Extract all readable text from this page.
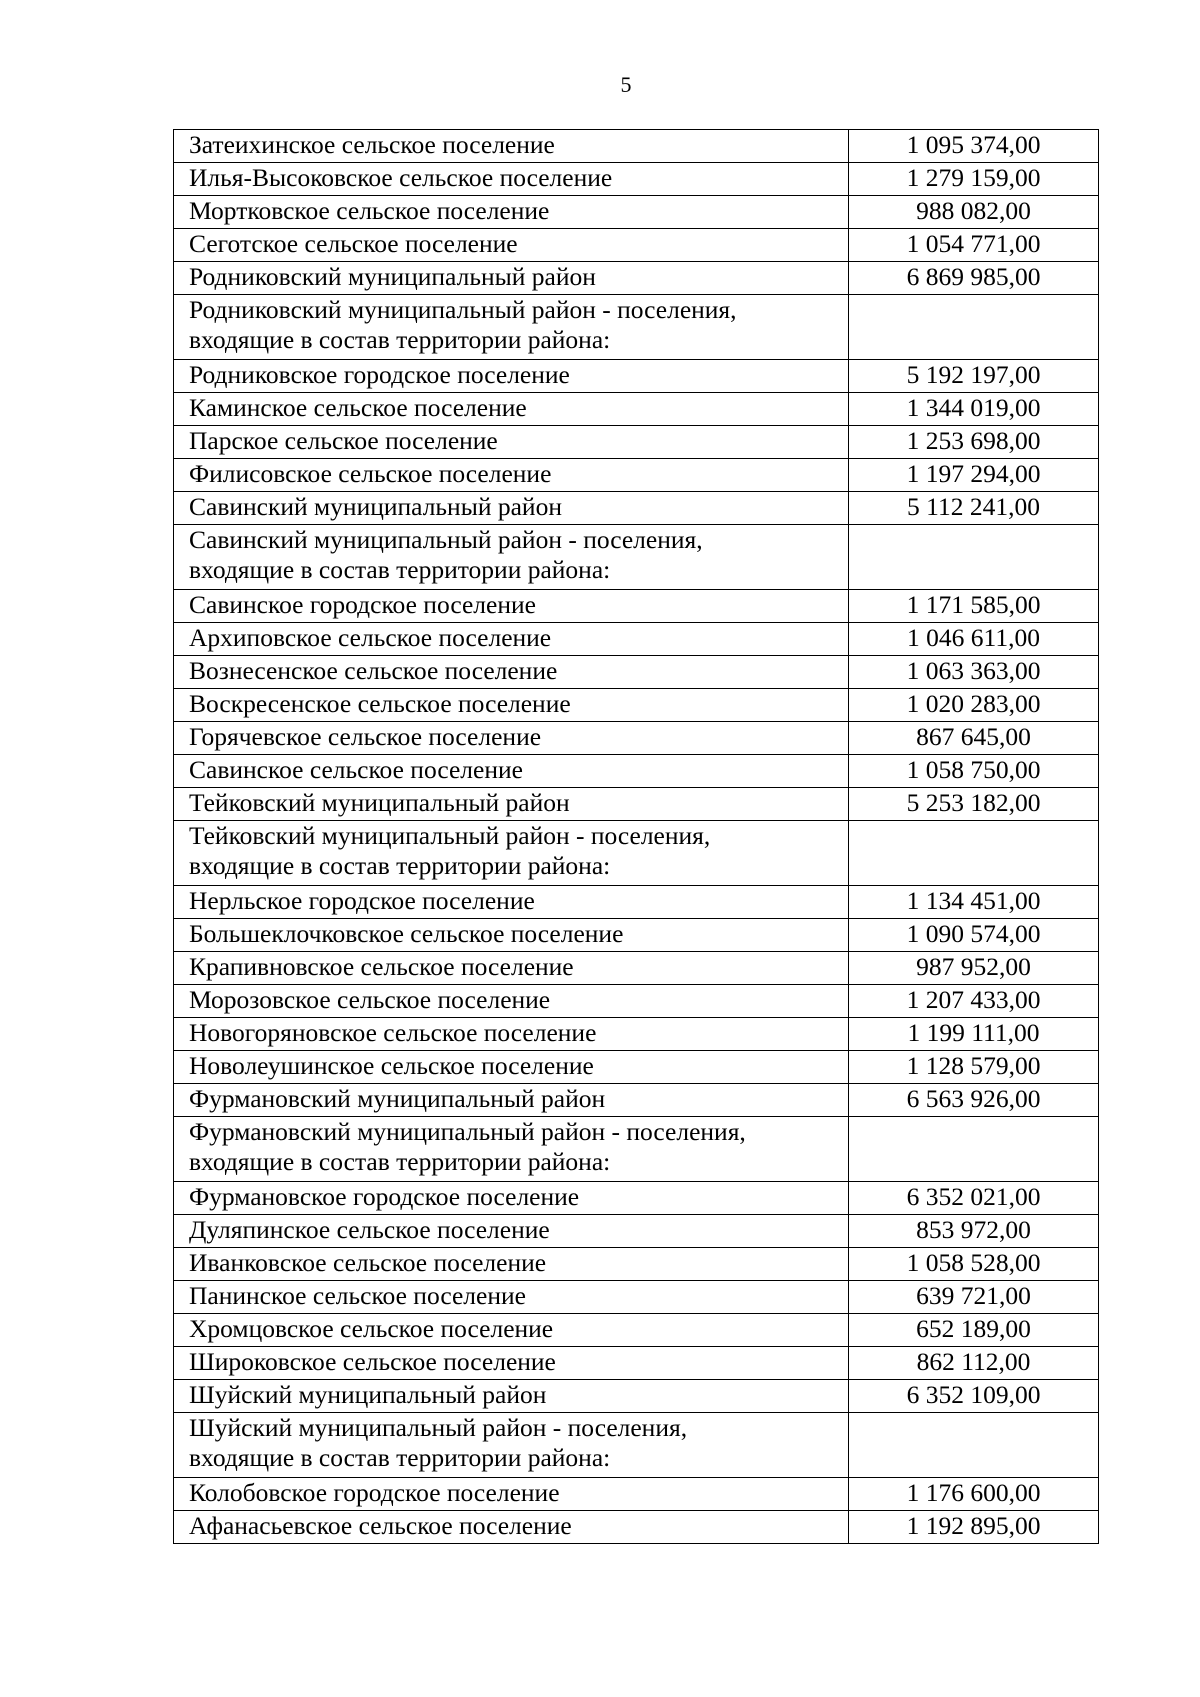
5
Затеихинское сельское поселение	1 095 374,00
Илья-Высоковское сельское поселение	1 279 159,00
Мортковское сельское поселение	988 082,00
Сеготское сельское поселение	1 054 771,00
Родниковский муниципальный район	6 869 985,00

Родниковский муниципальный район - поселения,
входящие в состав территории района:	

Родниковское городское поселение	5 192 197,00
Каминское сельское поселение	1 344 019,00
Парское сельское поселение	1 253 698,00
Филисовское сельское поселение	1 197 294,00
Савинский муниципальный район	5 112 241,00

Савинский муниципальный район - поселения,
входящие в состав территории района:	

Савинское городское поселение	1 171 585,00
Архиповское сельское поселение	1 046 611,00
Вознесенское сельское поселение	1 063 363,00
Воскресенское сельское поселение	1 020 283,00
Горячевское сельское поселение	867 645,00
Савинское сельское поселение	1 058 750,00
Тейковский муниципальный район	5 253 182,00

Тейковский муниципальный район - поселения,
входящие в состав территории района:	

Нерльское городское поселение	1 134 451,00
Большеклочковское сельское поселение	1 090 574,00
Крапивновское сельское поселение	987 952,00
Морозовское сельское поселение	1 207 433,00
Новогоряновское сельское поселение	1 199 111,00
Новолеушинское сельское поселение	1 128 579,00
Фурмановский муниципальный район	6 563 926,00

Фурмановский муниципальный район - поселения,
входящие в состав территории района:	

Фурмановское городское поселение	6 352 021,00
Дуляпинское сельское поселение	853 972,00
Иванковское сельское поселение	1 058 528,00
Панинское сельское поселение	639 721,00
Хромцовское сельское поселение	652 189,00
Широковское сельское поселение	862 112,00
Шуйский муниципальный район	6 352 109,00

Шуйский муниципальный район - поселения,
входящие в состав территории района:	

Колобовское городское поселение	1 176 600,00
Афанасьевское сельское поселение	1 192 895,00
